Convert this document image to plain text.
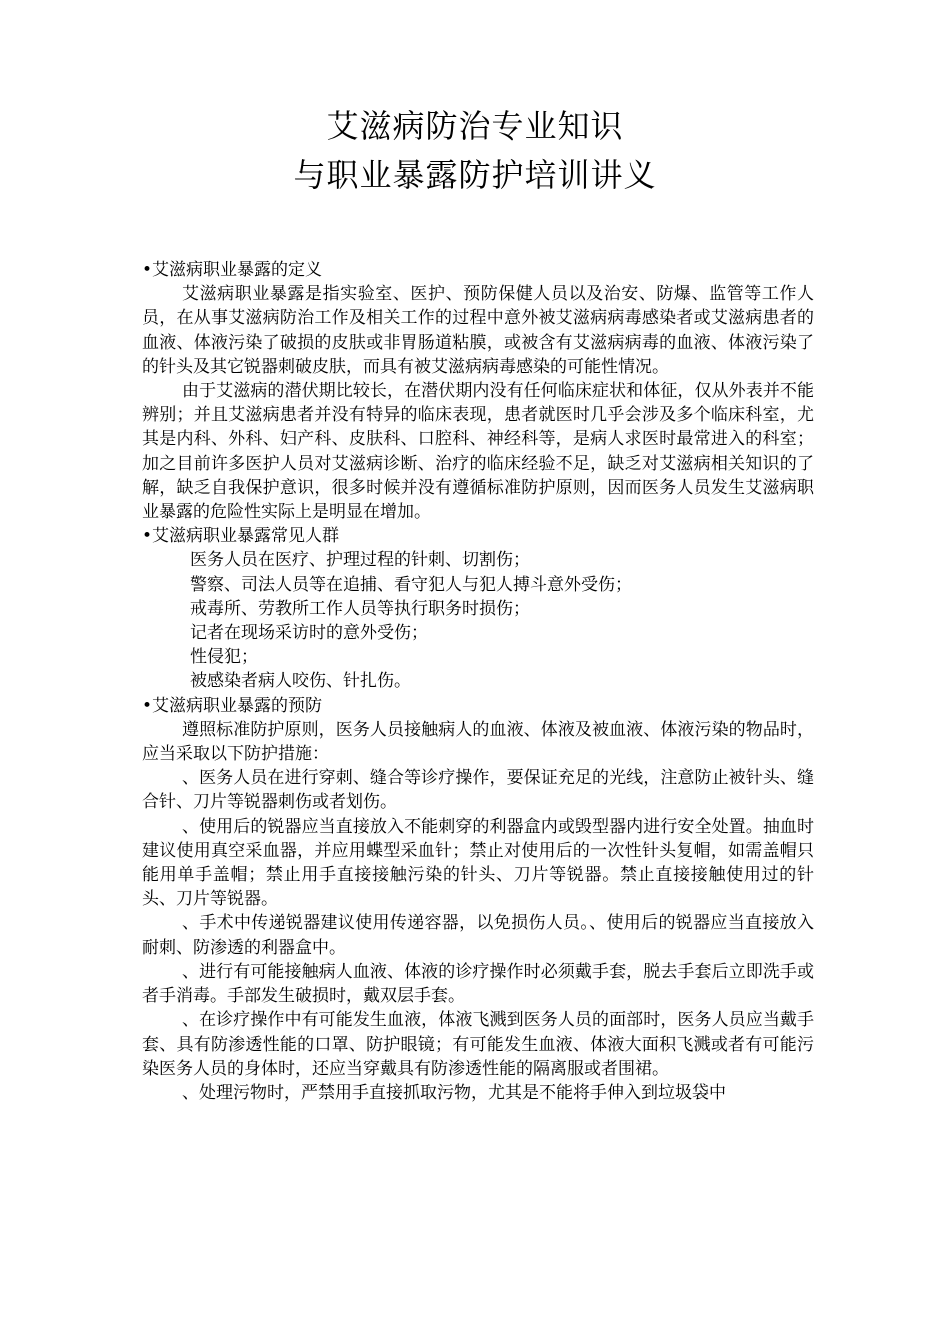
艾滋病防治专业知识
与职业暴露防护培训讲义

•艾滋病职业暴露的定义

艾滋病职业暴露是指实验室、医护、预防保健人员以及治安、防爆、监管等工作人员，在从事艾滋病防治工作及相关工作的过程中意外被艾滋病病毒感染者或艾滋病患者的血液、体液污染了破损的皮肤或非胃肠道粘膜，或被含有艾滋病病毒的血液、体液污染了的针头及其它锐器刺破皮肤，而具有被艾滋病病毒感染的可能性情况。

由于艾滋病的潜伏期比较长，在潜伏期内没有任何临床症状和体征，仅从外表并不能辨别；并且艾滋病患者并没有特异的临床表现，患者就医时几乎会涉及多个临床科室，尤其是内科、外科、妇产科、皮肤科、口腔科、神经科等，是病人求医时最常进入的科室；加之目前许多医护人员对艾滋病诊断、治疗的临床经验不足，缺乏对艾滋病相关知识的了解，缺乏自我保护意识，很多时候并没有遵循标准防护原则，因而医务人员发生艾滋病职业暴露的危险性实际上是明显在增加。

•艾滋病职业暴露常见人群

医务人员在医疗、护理过程的针刺、切割伤；

警察、司法人员等在追捕、看守犯人与犯人搏斗意外受伤；

戒毒所、劳教所工作人员等执行职务时损伤；

记者在现场采访时的意外受伤；

性侵犯；

被感染者病人咬伤、针扎伤。

•艾滋病职业暴露的预防

遵照标准防护原则，医务人员接触病人的血液、体液及被血液、体液污染的物品时，应当采取以下防护措施：

、医务人员在进行穿刺、缝合等诊疗操作，要保证充足的光线，注意防止被针头、缝合针、刀片等锐器刺伤或者划伤。

、使用后的锐器应当直接放入不能刺穿的利器盒内或毁型器内进行安全处置。抽血时建议使用真空采血器，并应用蝶型采血针；禁止对使用后的一次性针头复帽，如需盖帽只能用单手盖帽；禁止用手直接接触污染的针头、刀片等锐器。禁止直接接触使用过的针头、刀片等锐器。

、手术中传递锐器建议使用传递容器，以免损伤人员。、使用后的锐器应当直接放入耐刺、防渗透的利器盒中。

、进行有可能接触病人血液、体液的诊疗操作时必须戴手套，脱去手套后立即洗手或者手消毒。手部发生破损时，戴双层手套。

、在诊疗操作中有可能发生血液，体液飞溅到医务人员的面部时，医务人员应当戴手套、具有防渗透性能的口罩、防护眼镜；有可能发生血液、体液大面积飞溅或者有可能污染医务人员的身体时，还应当穿戴具有防渗透性能的隔离服或者围裙。

、处理污物时，严禁用手直接抓取污物，尤其是不能将手伸入到垃圾袋中
